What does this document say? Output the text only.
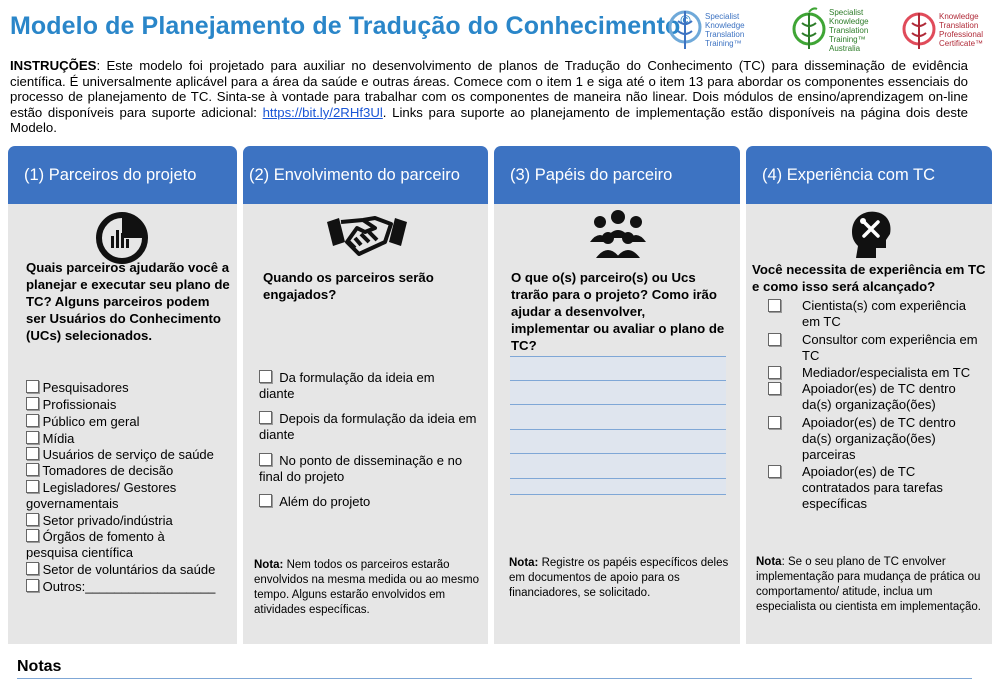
Modelo de Planejamento de Tradução do Conhecimento© Specialist Knowledge Translation Training™
Specialist Knowledge Translation Training™ Australia
Knowledge Translation Professional Certificate™
INSTRUÇÕES: Este modelo foi projetado para auxiliar no desenvolvimento de planos de Tradução do Conhecimento (TC) para disseminação de evidência científica. É universalmente aplicável para a área da saúde e outras áreas. Comece com o item 1 e siga até o item 13 para abordar os componentes essenciais do processo de planejamento de TC. Sinta-se à vontade para trabalhar com os componentes de maneira não linear. Dois módulos de ensino/aprendizagem on-line estão disponíveis para suporte adicional: https://bit.ly/2RHf3Ul. Links para suporte ao planejamento de implementação estão disponíveis na página dois deste Modelo.
(1) Parceiros do projeto
Quais parceiros ajudarão você a planejar e executar seu plano de TC? Alguns parceiros podem ser Usuários do Conhecimento (UCs) selecionados.
Pesquisadores
Profissionais
Público em geral
Mídia
Usuários de serviço de saúde
Tomadores de decisão
Legisladores/ Gestores governamentais
Setor privado/indústria
Órgãos de fomento à pesquisa científica
Setor de voluntários da saúde
Outros:__________________
(2) Envolvimento do parceiro
Quando os parceiros serão engajados?
Da formulação da ideia em diante
Depois da formulação da ideia em diante
No ponto de disseminação e no final do projeto
Além do projeto
Nota: Nem todos os parceiros estarão envolvidos na mesma medida ou ao mesmo tempo. Alguns estarão envolvidos em atividades específicas.
(3) Papéis do parceiro
O que o(s) parceiro(s) ou Ucs trarão para o projeto? Como irão ajudar a desenvolver, implementar ou avaliar o plano de TC?
Nota: Registre os papéis específicos deles em documentos de apoio para os financiadores, se solicitado.
(4) Experiência com TC
Você necessita de experiência em TC e como isso será alcançado?
Cientista(s) com experiência em TC
Consultor com experiência em TC
Mediador/especialista em TC
Apoiador(es) de TC dentro da(s) organização(ões)
Apoiador(es) de TC dentro da(s) organização(ões) parceiras
Apoiador(es) de TC contratados para tarefas específicas
Nota: Se o seu plano de TC envolver implementação para mudança de prática ou comportamento/ atitude, inclua um especialista ou cientista em implementação.
Notas
